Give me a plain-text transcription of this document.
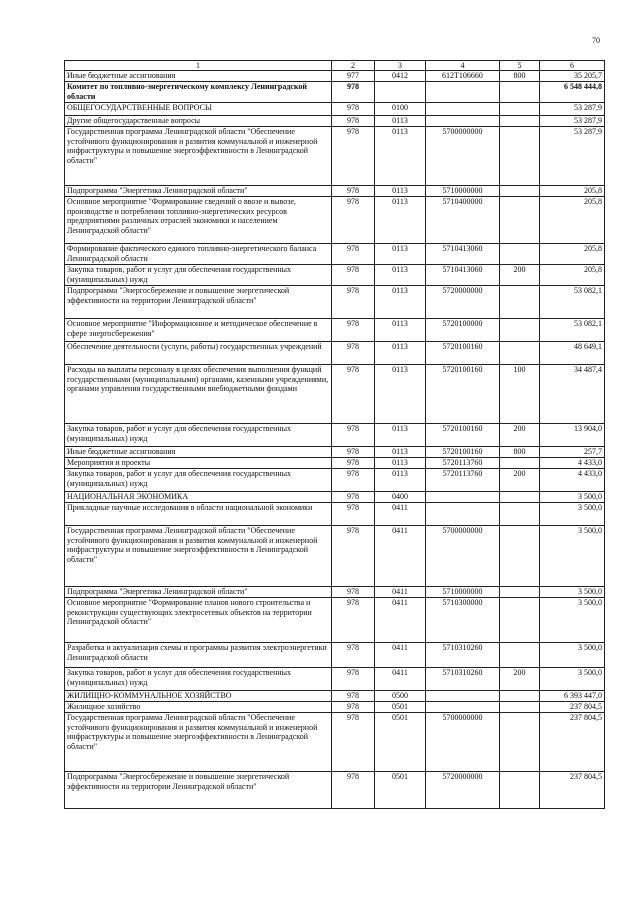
70
1	2	3	4	5	6
Иные бюджетные ассигнования	977	0412	612Т106660	800	35 205,7
Комитет по топливно-энергетическому комплексу Ленинградской области	978				6 548 444,8
ОБЩЕГОСУДАРСТВЕННЫЕ ВОПРОСЫ	978	0100			53 287,9
Другие общегосударственные вопросы	978	0113			53 287,9
Государственная программа Ленинградской области "Обеспечение устойчивого функционирования и развития коммунальной и инженерной инфраструктуры и повышение энергоэффективности в Ленинградской области"	978	0113	5700000000		53 287,9
Подпрограмма "Энергетика Ленинградской области"	978	0113	5710000000		205,8
Основное мероприятие "Формирование сведений о ввозе и вывозе, производстве и потреблении топливно-энергетических ресурсов предприятиями различных отраслей экономики и населением Ленинградской области"	978	0113	5710400000		205,8
Формирование фактического единого топливно-энергетического баланса Ленинградской области	978	0113	5710413060		205,8
Закупка товаров, работ и услуг для обеспечения государственных (муниципальных) нужд	978	0113	5710413060	200	205,8
Подпрограмма "Энергосбережение и повышение энергетической эффективности на территории Ленинградской области"	978	0113	5720000000		53 082,1
Основное мероприятие "Информационное и методическое обеспечение в сфере энергосбережения"	978	0113	5720100000		53 082,1
Обеспечение деятельности (услуги, работы) государственных учреждений	978	0113	5720100160		48 649,1
Расходы на выплаты персоналу в целях обеспечения выполнения функций государственными (муниципальными) органами, казенными учреждениями, органами управления государственными внебюджетными фондами	978	0113	5720100160	100	34 487,4
Закупка товаров, работ и услуг для обеспечения государственных (муниципальных) нужд	978	0113	5720100160	200	13 904,0
Иные бюджетные ассигнования	978	0113	5720100160	800	257,7
Мероприятия и проекты	978	0113	5720113760		4 433,0
Закупка товаров, работ и услуг для обеспечения государственных (муниципальных) нужд	978	0113	5720113760	200	4 433,0
НАЦИОНАЛЬНАЯ ЭКОНОМИКА	978	0400			3 500,0
Прикладные научные исследования в области национальной экономики	978	0411			3 500,0
Государственная программа Ленинградской области "Обеспечение устойчивого функционирования и развития коммунальной и инженерной инфраструктуры и повышение энергоэффективности в Ленинградской области"	978	0411	5700000000		3 500,0
Подпрограмма "Энергетика Ленинградской области"	978	0411	5710000000		3 500,0
Основное мероприятие "Формирование планов нового строительства и реконструкции существующих электросетевых объектов на территории Ленинградской области"	978	0411	5710300000		3 500,0
Разработка и актуализация схемы и программы развития электроэнергетики Ленинградской области	978	0411	5710310260		3 500,0
Закупка товаров, работ и услуг для обеспечения государственных (муниципальных) нужд	978	0411	5710310260	200	3 500,0
ЖИЛИЩНО-КОММУНАЛЬНОЕ ХОЗЯЙСТВО	978	0500			6 393 447,0
Жилищное хозяйство	978	0501			237 804,5
Государственная программа Ленинградской области "Обеспечение устойчивого функционирования и развития коммунальной и инженерной инфраструктуры и повышение энергоэффективности в Ленинградской области"	978	0501	5700000000		237 804,5
Подпрограмма "Энергосбережение и повышение энергетической эффективности на территории Ленинградской области"	978	0501	5720000000		237 804,5
